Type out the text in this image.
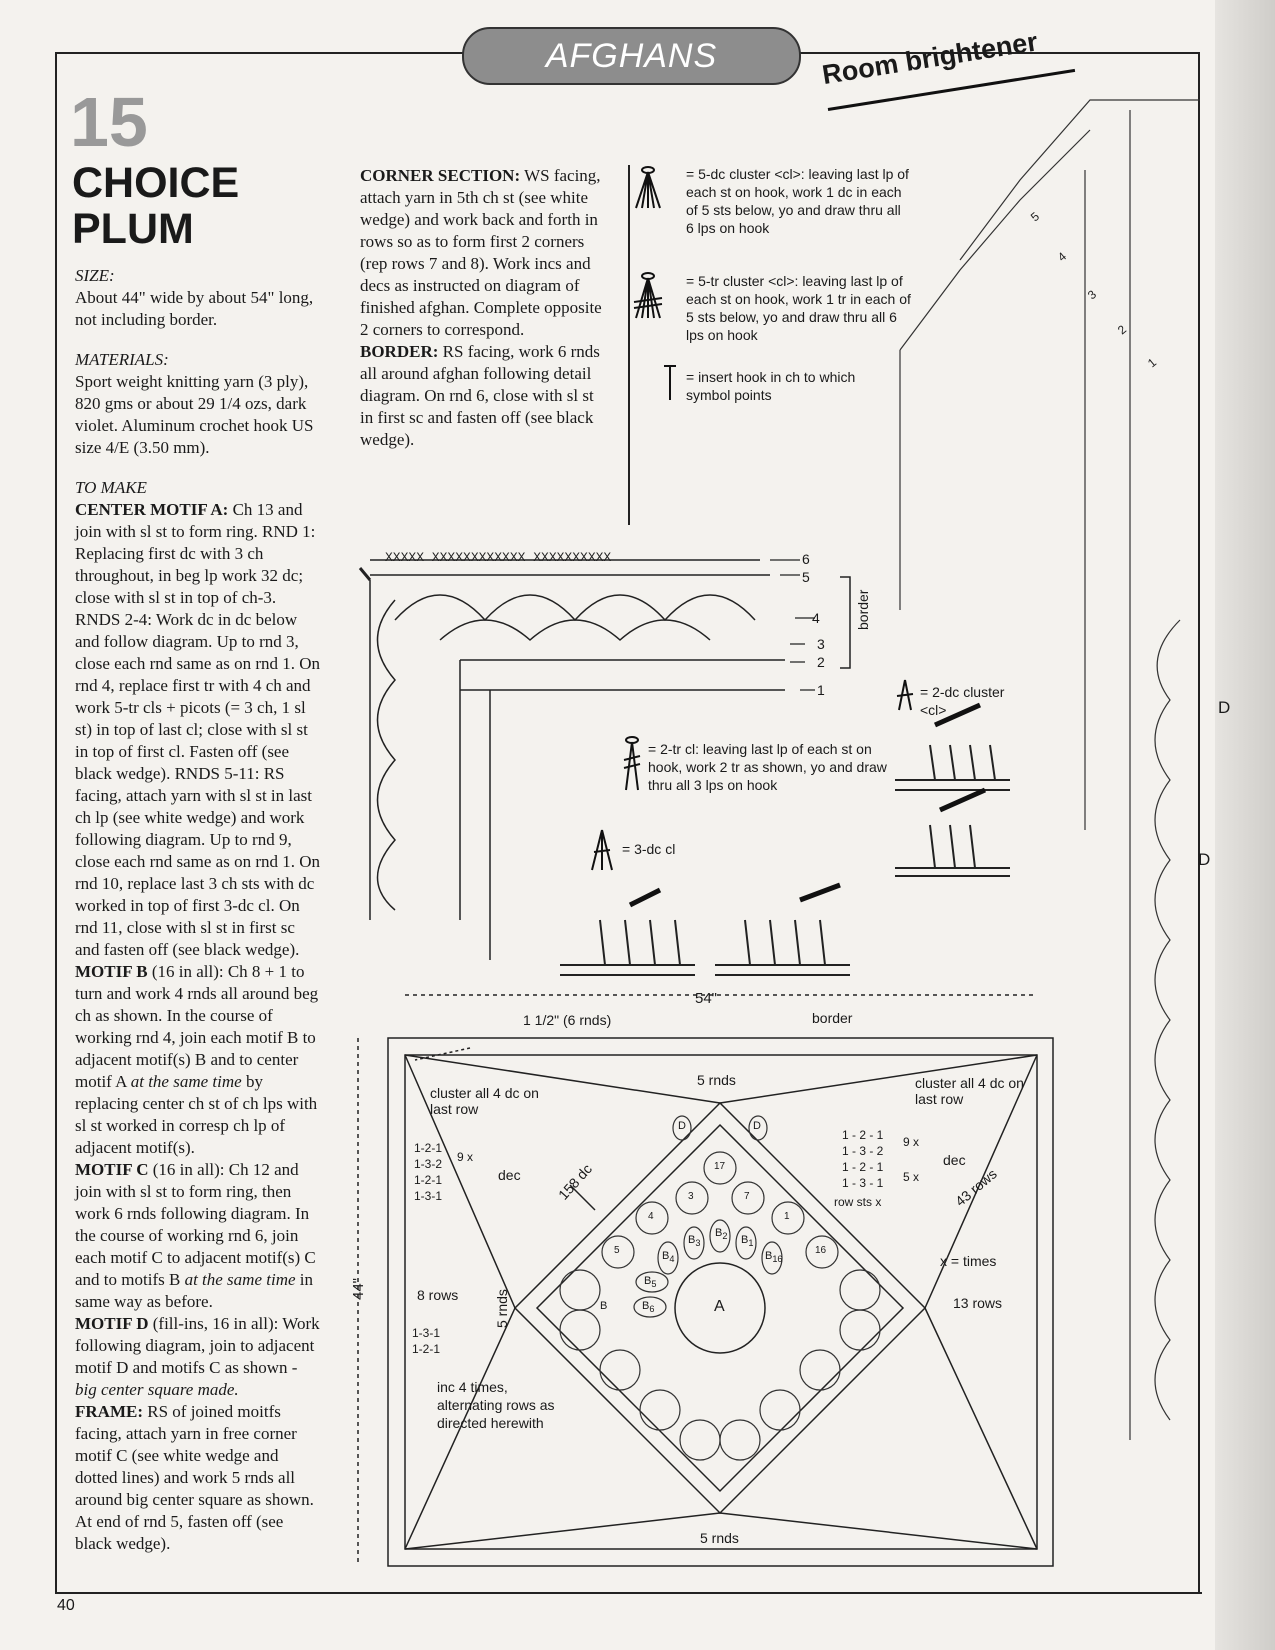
AFGHANS	Room brightener
15
CHOICE
PLUM

SIZE:

About 44" wide by about 54" long, not including border.

MATERIALS:

Sport weight knitting yarn (3 ply), 820 gms or about 29 1/4 ozs, dark violet. Aluminum crochet hook US size 4/E (3.50 mm).

TO MAKE

CENTER MOTIF A: Ch 13 and join with sl st to form ring. RND 1: Replacing first dc with 3 ch throughout, in beg lp work 32 dc; close with sl st in top of ch-3. RNDS 2-4: Work dc in dc below and follow diagram. Up to rnd 3, close each rnd same as on rnd 1. On rnd 4, replace first tr with 4 ch and work 5-tr cls + picots (= 3 ch, 1 sl st) in top of last cl; close with sl st in top of first cl. Fasten off (see black wedge). RNDS 5-11: RS facing, attach yarn with sl st in last ch lp (see white wedge) and work following diagram. Up to rnd 9, close each rnd same as on rnd 1. On rnd 10, replace last 3 ch sts with dc worked in top of first 3-dc cl. On rnd 11, close with sl st in first sc and fasten off (see black wedge).

MOTIF B (16 in all): Ch 8 + 1 to turn and work 4 rnds all around beg ch as shown. In the course of working rnd 4, join each motif B to adjacent motif(s) B and to center motif A at the same time by replacing center ch st of ch lps with sl st worked in corresp ch lp of adjacent motif(s).

MOTIF C (16 in all): Ch 12 and join with sl st to form ring, then work 6 rnds following diagram. In the course of working rnd 6, join each motif C to adjacent motif(s) C and to motifs B at the same time in same way as before.

MOTIF D (fill-ins, 16 in all): Work following diagram, join to adjacent motif D and motifs C as shown - big center square made.

FRAME: RS of joined moitfs facing, attach yarn in free corner motif C (see white wedge and dotted lines) and work 5 rnds all around big center square as shown. At end of rnd 5, fasten off (see black wedge).

CORNER SECTION: WS facing, attach yarn in 5th ch st (see white wedge) and work back and forth in rows so as to form first 2 corners (rep rows 7 and 8). Work incs and decs as instructed on diagram of finished afghan. Complete opposite 2 corners to correspond.

BORDER: RS facing, work 6 rnds all around afghan following detail diagram. On rnd 6, close with sl st in first sc and fasten off (see black wedge).

= 5-dc cluster <cl>: leaving last lp of each st on hook, work 1 dc in each of 5 sts below, yo and draw thru all 6 lps on hook
= 5-tr cluster <cl>: leaving last lp of each st on hook, work 1 tr in each of 5 sts below, yo and draw thru all 6 lps on hook
= insert hook in ch to which symbol points
= 2-dc cluster <cl>
= 2-tr cl: leaving last lp of each st on hook, work 2 tr as shown, yo and draw thru all 3 lps on hook
= 3-dc cl
XXXXX XXXXXXXXXXXX XXXXXXXXXX	6
5
4
3
2
1
border
5
4
3
2
1
D
D
54"
44"
1 1/2" (6 rnds)	border
cluster all 4 dc on last row
cluster all 4 dc on last row
1-2-1
1-3-2
1-2-1
1-3-1
9 x
dec
1 - 2 - 1
1 - 3 - 2
1 - 2 - 1
1 - 3 - 1
9 x
5 x
dec
row sts x	43 rows
x = times
13 rows
8 rows
1-3-1
1-2-1
inc 4 times, alternating rows as directed herewith
5 rnds
5 rnds
5 rnds
158 dc
A
17
3	7
4	1
5	16
D	D
$B_3$
$B_2$ $B_1$
$B_{16}$
$B_4$
$B_5$
$B_6$
B
40
